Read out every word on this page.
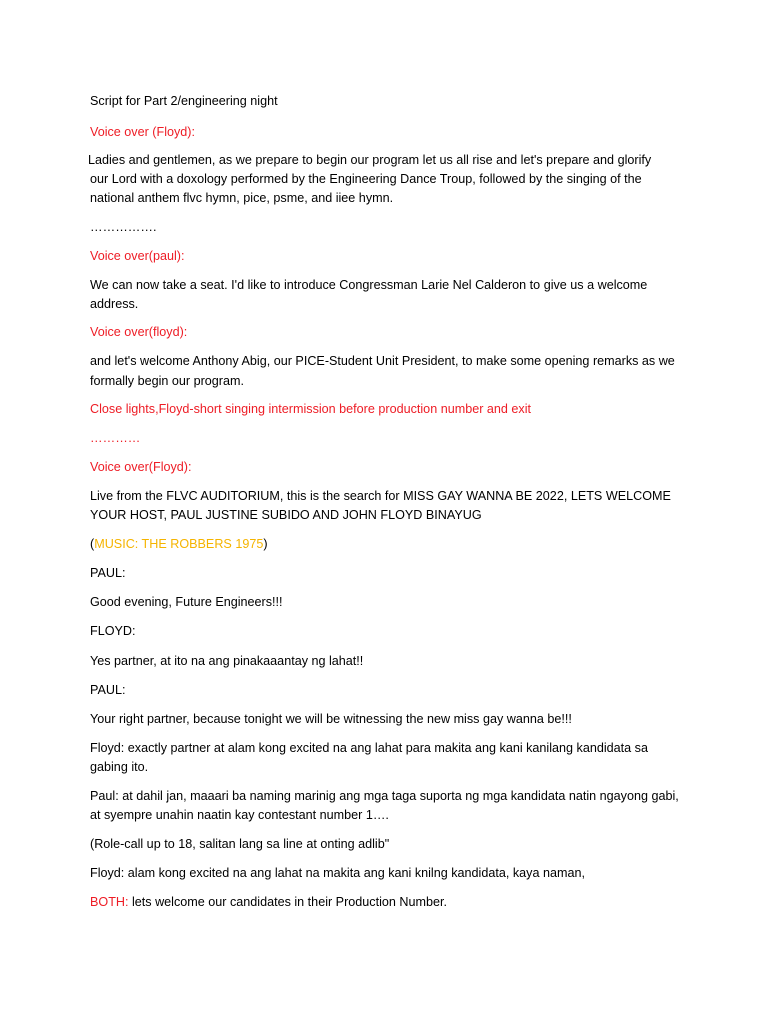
Script for Part 2/engineering night

Voice over (Floyd):

Ladies and gentlemen, as we prepare to begin our program let us all rise and let's prepare and glorify

our Lord with a doxology performed by the Engineering Dance Troup, followed by the singing of the

national anthem flvc hymn, pice, psme, and iiee hymn.

…………….

Voice over(paul):

We can now take a seat. I'd like to introduce Congressman Larie Nel Calderon to give us a welcome

address.

Voice over(floyd):

and let's welcome Anthony Abig, our PICE-Student Unit President, to make some opening remarks as we

formally begin our program.

Close lights,Floyd-short singing intermission before production number and exit

…………

Voice over(Floyd):

Live from the FLVC AUDITORIUM, this is the search for MISS GAY WANNA BE 2022, LETS WELCOME

YOUR HOST, PAUL JUSTINE SUBIDO AND JOHN FLOYD BINAYUG

(MUSIC: THE ROBBERS 1975)

PAUL:

Good evening, Future Engineers!!!

FLOYD:

Yes partner, at ito na ang pinakaaantay ng lahat!!

PAUL:

Your right partner, because tonight we will be witnessing the new miss gay wanna be!!!

Floyd: exactly partner at alam kong excited na ang lahat para makita ang kani kanilang kandidata sa

gabing ito.

Paul: at dahil jan, maaari ba naming marinig ang mga taga suporta ng mga kandidata natin ngayong gabi,

at syempre unahin naatin kay contestant number 1….

(Role-call up to 18, salitan lang sa line at onting adlib"

Floyd: alam kong excited na ang lahat na makita ang kani knilng kandidata, kaya naman,

BOTH: lets welcome our candidates in their Production Number.
